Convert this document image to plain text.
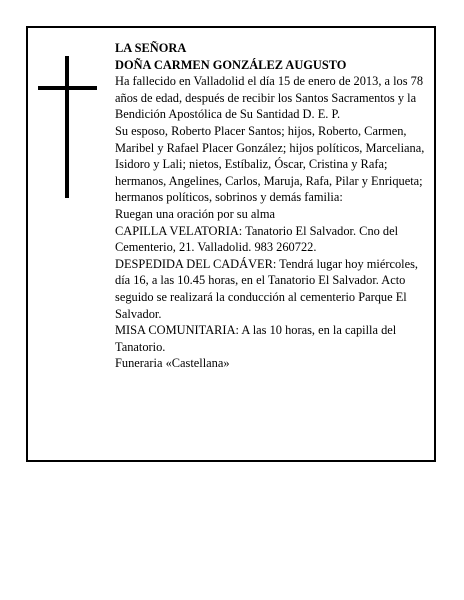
LA SEÑORA

DOÑA CARMEN GONZÁLEZ AUGUSTO

Ha fallecido en Valladolid el día 15 de enero de 2013, a los 78 años de edad, después de recibir los Santos Sacramentos y la Bendición Apostólica de Su Santidad D. E. P.

Su esposo, Roberto Placer Santos; hijos, Roberto, Carmen, Maribel y Rafael Placer González; hijos políticos, Marceliana, Isidoro y Lali; nietos, Estíbaliz, Óscar, Cristina y Rafa; hermanos, Angelines, Carlos, Maruja, Rafa, Pilar y Enriqueta; hermanos políticos, sobrinos y demás familia:

Ruegan una oración por su alma

CAPILLA VELATORIA: Tanatorio El Salvador. Cno del Cementerio, 21. Valladolid. 983 260722.

DESPEDIDA DEL CADÁVER: Tendrá lugar hoy miércoles, día 16, a las 10.45 horas, en el Tanatorio El Salvador. Acto seguido se realizará la conducción al cementerio Parque El Salvador.

MISA COMUNITARIA: A las 10 horas, en la capilla del Tanatorio.

Funeraria «Castellana»
